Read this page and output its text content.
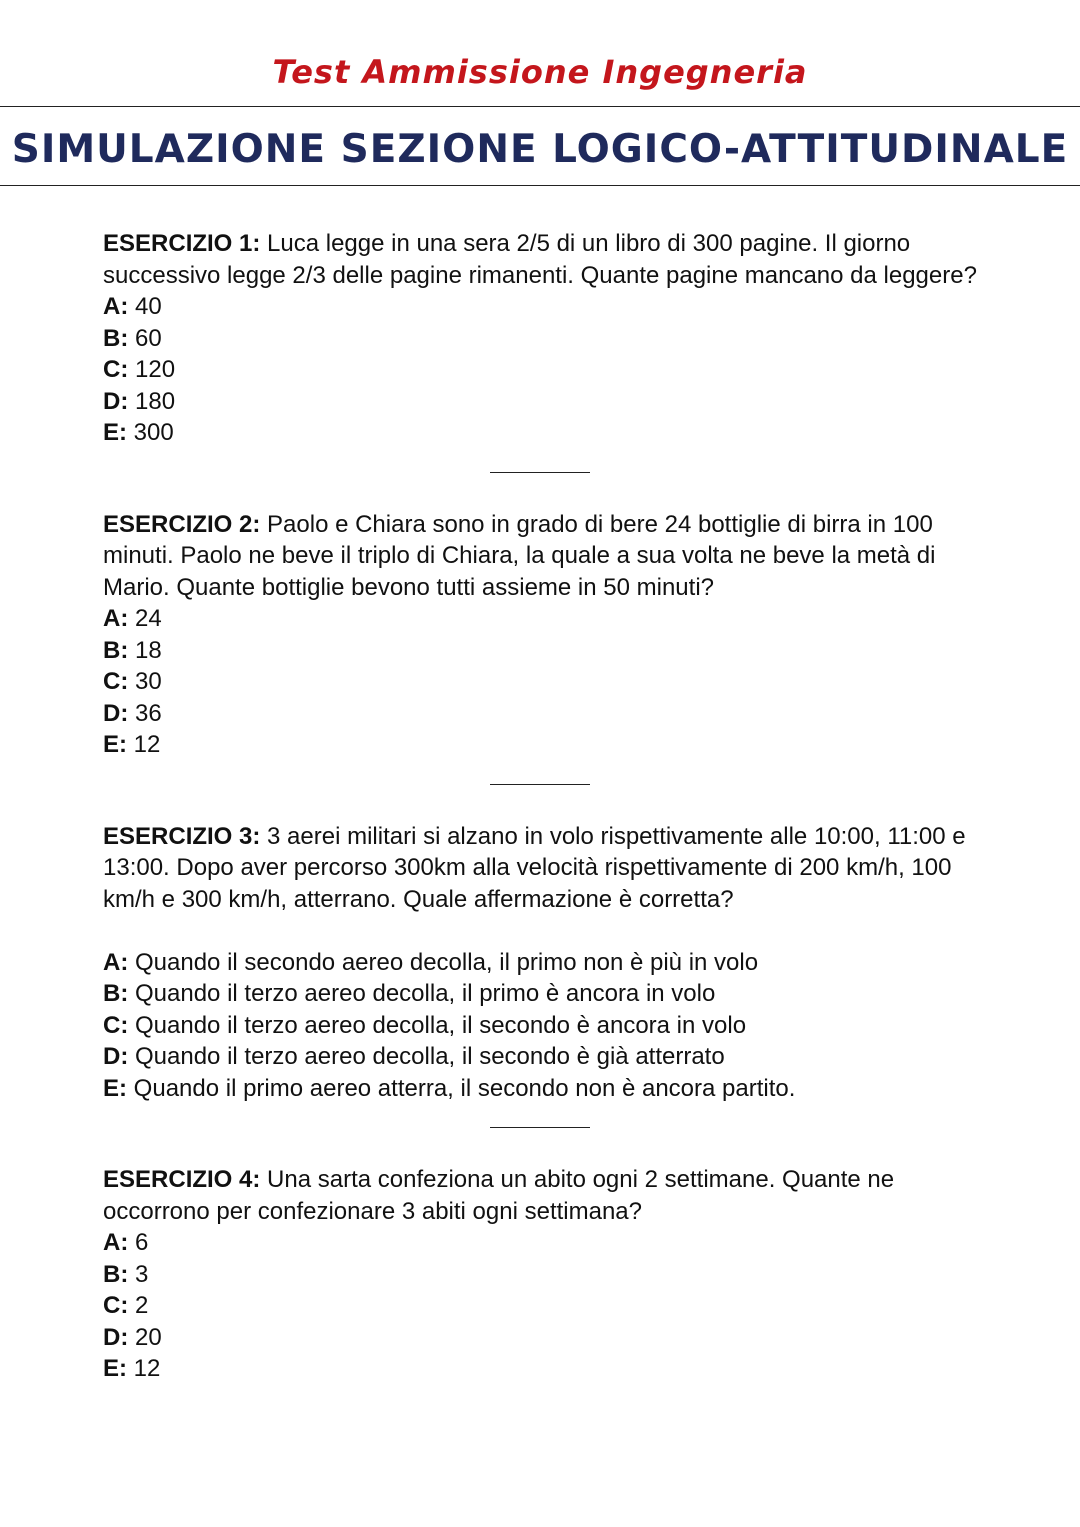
Test Ammissione Ingegneria
SIMULAZIONE SEZIONE LOGICO-ATTITUDINALE

ESERCIZIO 1: Luca legge in una sera 2/5 di un libro di 300 pagine. Il giorno successivo legge 2/3 delle pagine rimanenti. Quante pagine mancano da leggere?

A: 40
B: 60
C: 120
D: 180
E: 300

ESERCIZIO 2: Paolo e Chiara sono in grado di bere 24 bottiglie di birra in 100 minuti. Paolo ne beve il triplo di Chiara, la quale a sua volta ne beve la metà di Mario. Quante bottiglie bevono tutti assieme in 50 minuti?

A: 24
B: 18
C: 30
D: 36
E: 12

ESERCIZIO 3: 3 aerei militari si alzano in volo rispettivamente alle 10:00, 11:00 e 13:00. Dopo aver percorso 300km alla velocità rispettivamente di 200 km/h, 100 km/h e 300 km/h, atterrano. Quale affermazione è corretta?

A: Quando il secondo aereo decolla, il primo non è più in volo
B: Quando il terzo aereo decolla, il primo è ancora in volo
C: Quando il terzo aereo decolla, il secondo è ancora in volo
D: Quando il terzo aereo decolla, il secondo è già atterrato
E: Quando il primo aereo atterra, il secondo non è ancora partito.

ESERCIZIO 4: Una sarta confeziona un abito ogni 2 settimane. Quante ne occorrono per confezionare 3 abiti ogni settimana?

A: 6
B: 3
C: 2
D: 20
E: 12
